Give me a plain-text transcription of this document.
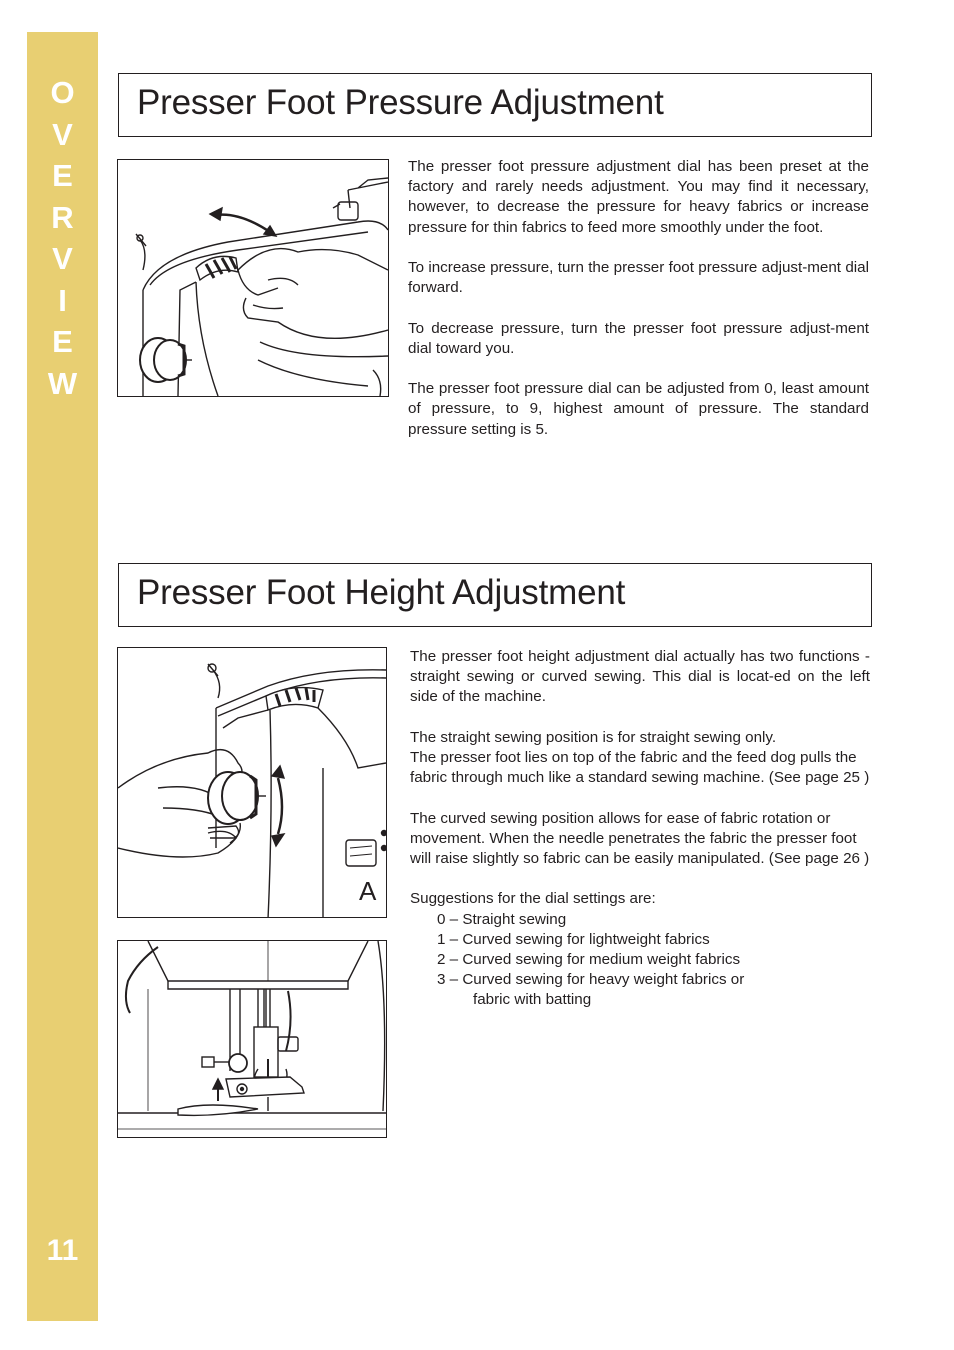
O
V
E
R
V
I
E
W
11
Presser Foot Pressure Adjustment

The presser foot pressure adjustment dial has been preset at the factory and rarely needs adjustment. You may find it necessary, however, to decrease the pressure for heavy fabrics or increase pressure for thin fabrics to feed more smoothly under the foot.

To increase pressure, turn the presser foot pressure adjust-ment dial forward.

To decrease pressure, turn the presser foot pressure adjust-ment dial toward you.

The presser foot pressure dial can be adjusted from 0, least amount of pressure, to 9, highest amount of pressure. The standard pressure setting is 5.

Presser Foot Height Adjustment
A

The presser foot height adjustment dial actually has two functions - straight sewing or curved sewing. This dial is locat-ed on the left side of the machine.

The straight sewing position is for straight sewing only.

The presser foot lies on top of the fabric and the feed dog pulls the fabric through much like a standard sewing machine. (See page 25 )

The curved sewing position allows for ease of fabric rotation or movement. When the needle penetrates the fabric the presser foot will raise slightly so fabric can be easily manipulated. (See page 26 )

Suggestions for the dial settings are:

0 – Straight sewing

1 – Curved sewing for lightweight fabrics

2 – Curved sewing for medium weight fabrics

3 – Curved sewing for heavy weight fabrics or

fabric with batting
